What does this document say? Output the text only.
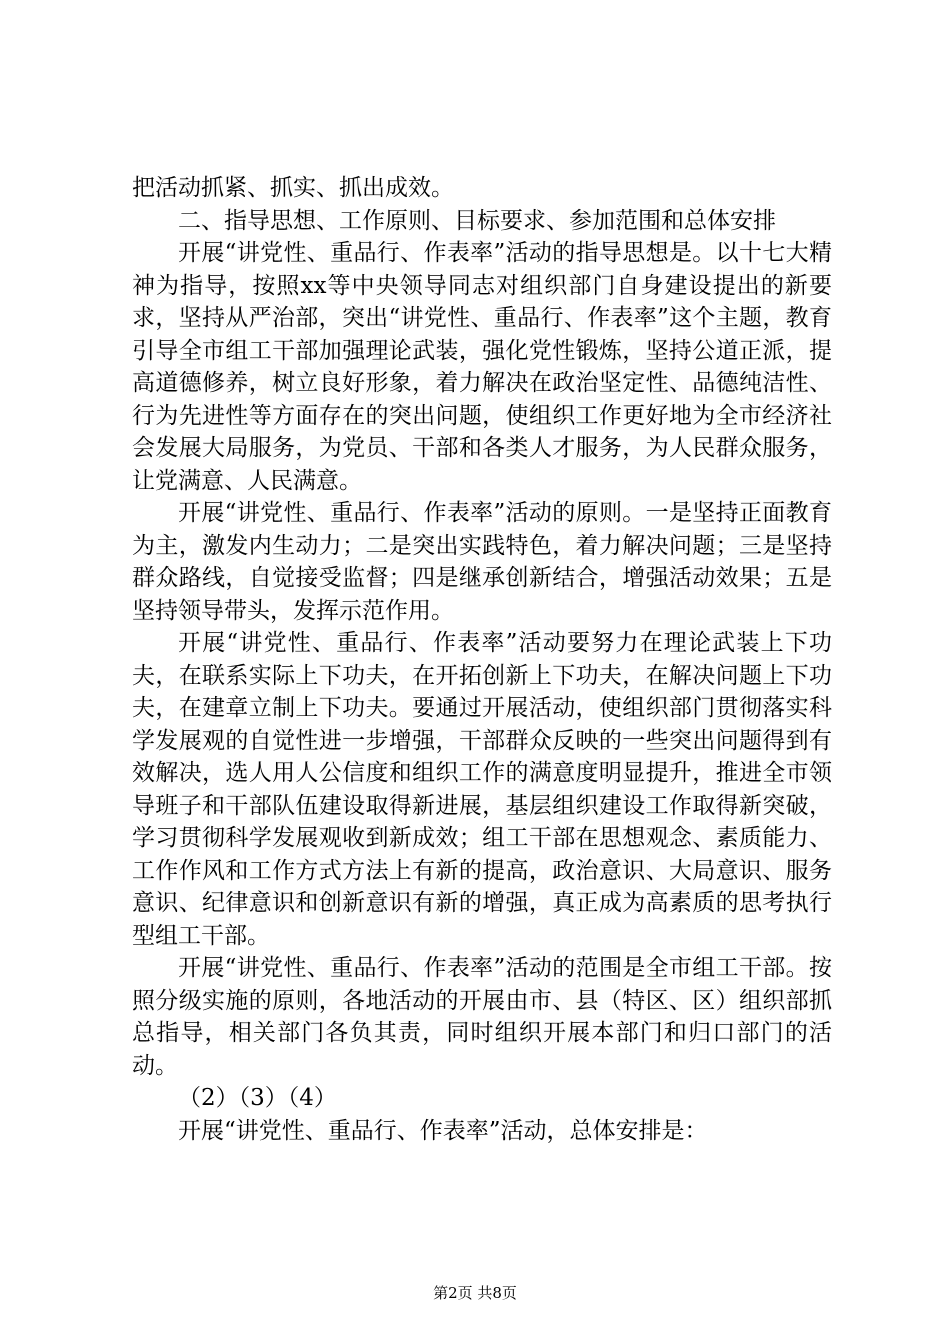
把活动抓紧、抓实、抓出成效。

二、指导思想、工作原则、目标要求、参加范围和总体安排

开展“讲党性、重品行、作表率”活动的指导思想是。以十七大精神为指导，按照xx等中央领导同志对组织部门自身建设提出的新要求，坚持从严治部，突出“讲党性、重品行、作表率”这个主题，教育引导全市组工干部加强理论武装，强化党性锻炼，坚持公道正派，提高道德修养，树立良好形象，着力解决在政治坚定性、品德纯洁性、行为先进性等方面存在的突出问题，使组织工作更好地为全市经济社会发展大局服务，为党员、干部和各类人才服务，为人民群众服务，让党满意、人民满意。

开展“讲党性、重品行、作表率”活动的原则。一是坚持正面教育为主，激发内生动力；二是突出实践特色，着力解决问题；三是坚持群众路线，自觉接受监督；四是继承创新结合，增强活动效果；五是坚持领导带头，发挥示范作用。

开展“讲党性、重品行、作表率”活动要努力在理论武装上下功夫，在联系实际上下功夫，在开拓创新上下功夫，在解决问题上下功夫，在建章立制上下功夫。要通过开展活动，使组织部门贯彻落实科学发展观的自觉性进一步增强，干部群众反映的一些突出问题得到有效解决，选人用人公信度和组织工作的满意度明显提升，推进全市领导班子和干部队伍建设取得新进展，基层组织建设工作取得新突破，学习贯彻科学发展观收到新成效；组工干部在思想观念、素质能力、工作作风和工作方式方法上有新的提高，政治意识、大局意识、服务意识、纪律意识和创新意识有新的增强，真正成为高素质的思考执行型组工干部。

开展“讲党性、重品行、作表率”活动的范围是全市组工干部。按照分级实施的原则，各地活动的开展由市、县（特区、区）组织部抓总指导，相关部门各负其责，同时组织开展本部门和归口部门的活动。

（2）（3）（4）

开展“讲党性、重品行、作表率”活动，总体安排是：

第2页 共8页
